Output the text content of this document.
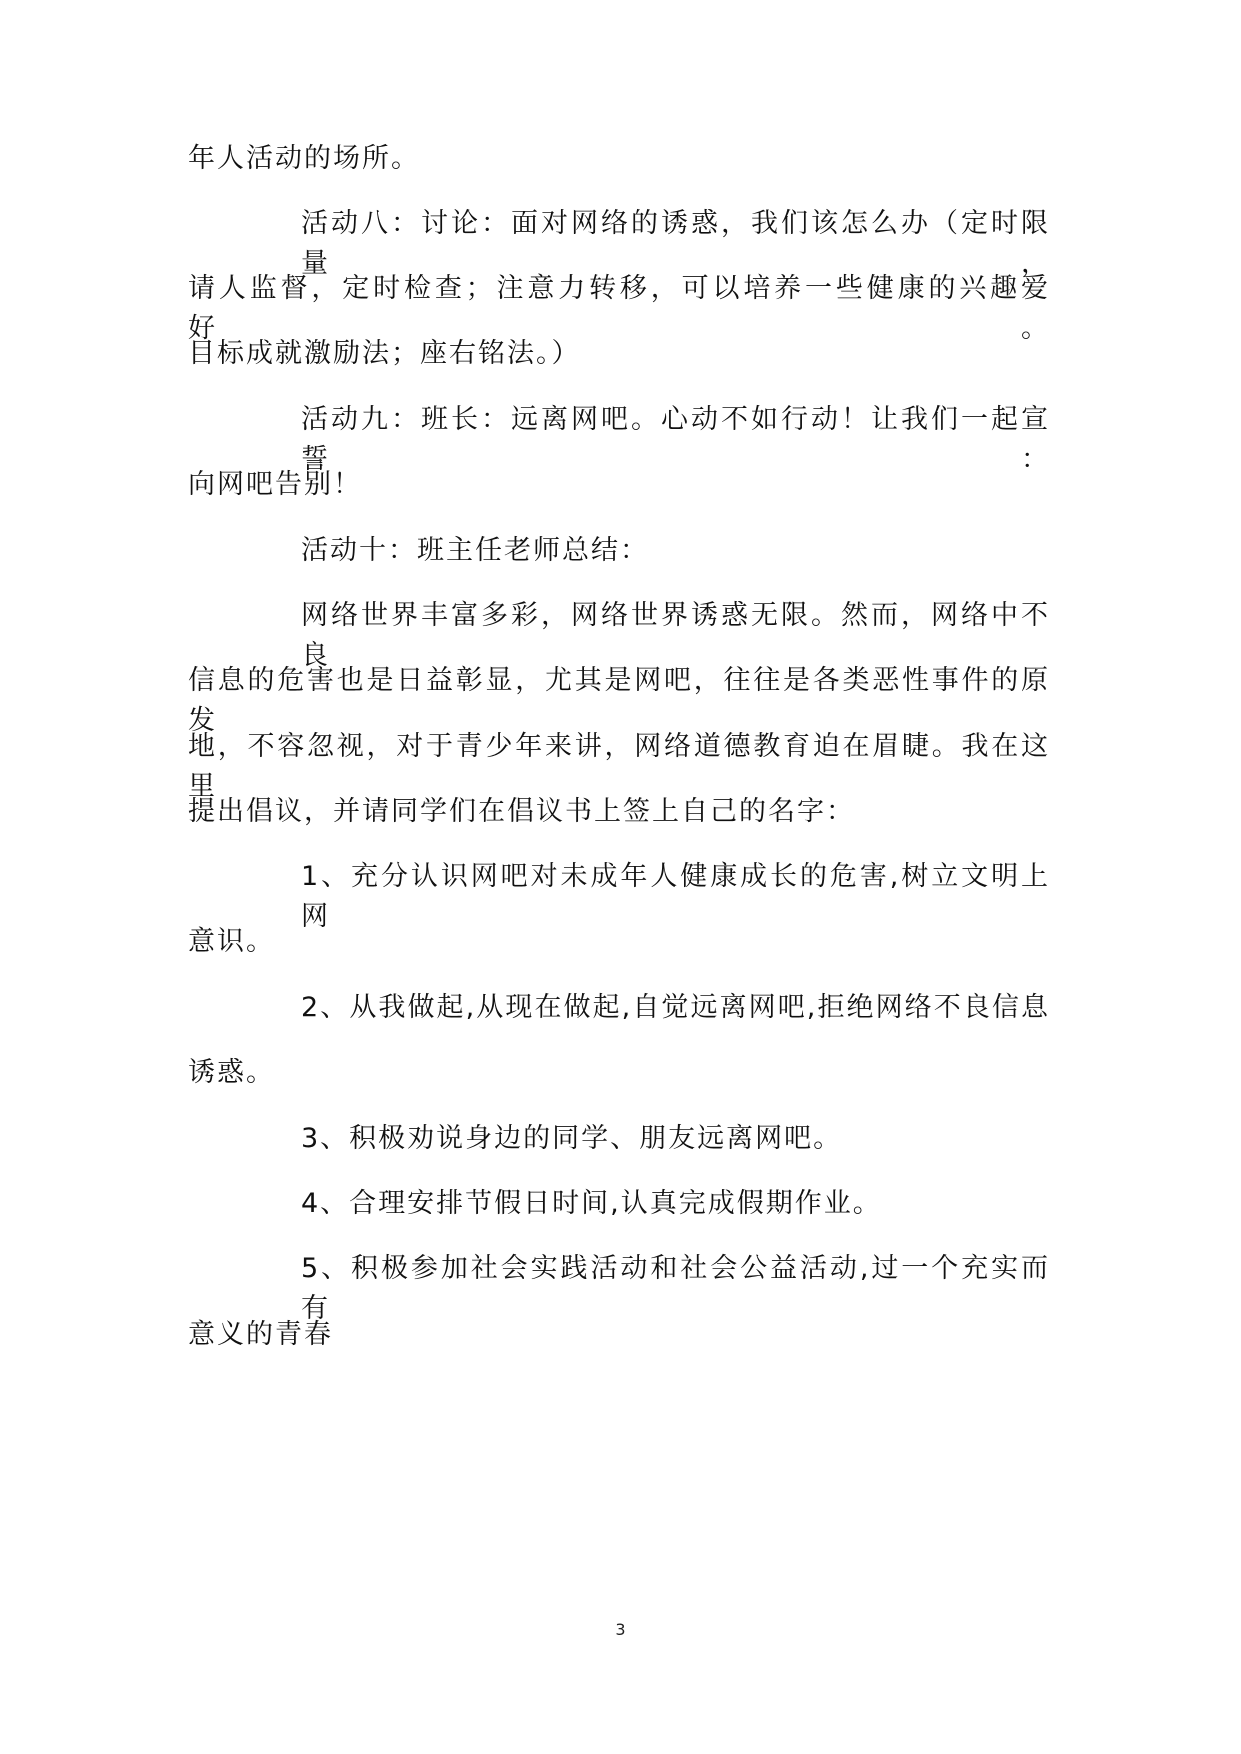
年人活动的场所。
活动八：讨论：面对网络的诱惑，我们该怎么办（定时限量，
请人监督，定时检查；注意力转移，可以培养一些健康的兴趣爱好。
目标成就激励法；座右铭法。）
活动九：班长：远离网吧。心动不如行动！让我们一起宣誓：
向网吧告别！
活动十：班主任老师总结：
网络世界丰富多彩，网络世界诱惑无限。然而，网络中不良
信息的危害也是日益彰显，尤其是网吧，往往是各类恶性事件的原发
地，不容忽视，对于青少年来讲，网络道德教育迫在眉睫。我在这里
提出倡议，并请同学们在倡议书上签上自己的名字：
1、充分认识网吧对未成年人健康成长的危害,树立文明上网
意识。
2、从我做起,从现在做起,自觉远离网吧,拒绝网络不良信息
诱惑。
3、积极劝说身边的同学、朋友远离网吧。
4、合理安排节假日时间,认真完成假期作业。
5、积极参加社会实践活动和社会公益活动,过一个充实而有
意义的青春
3
